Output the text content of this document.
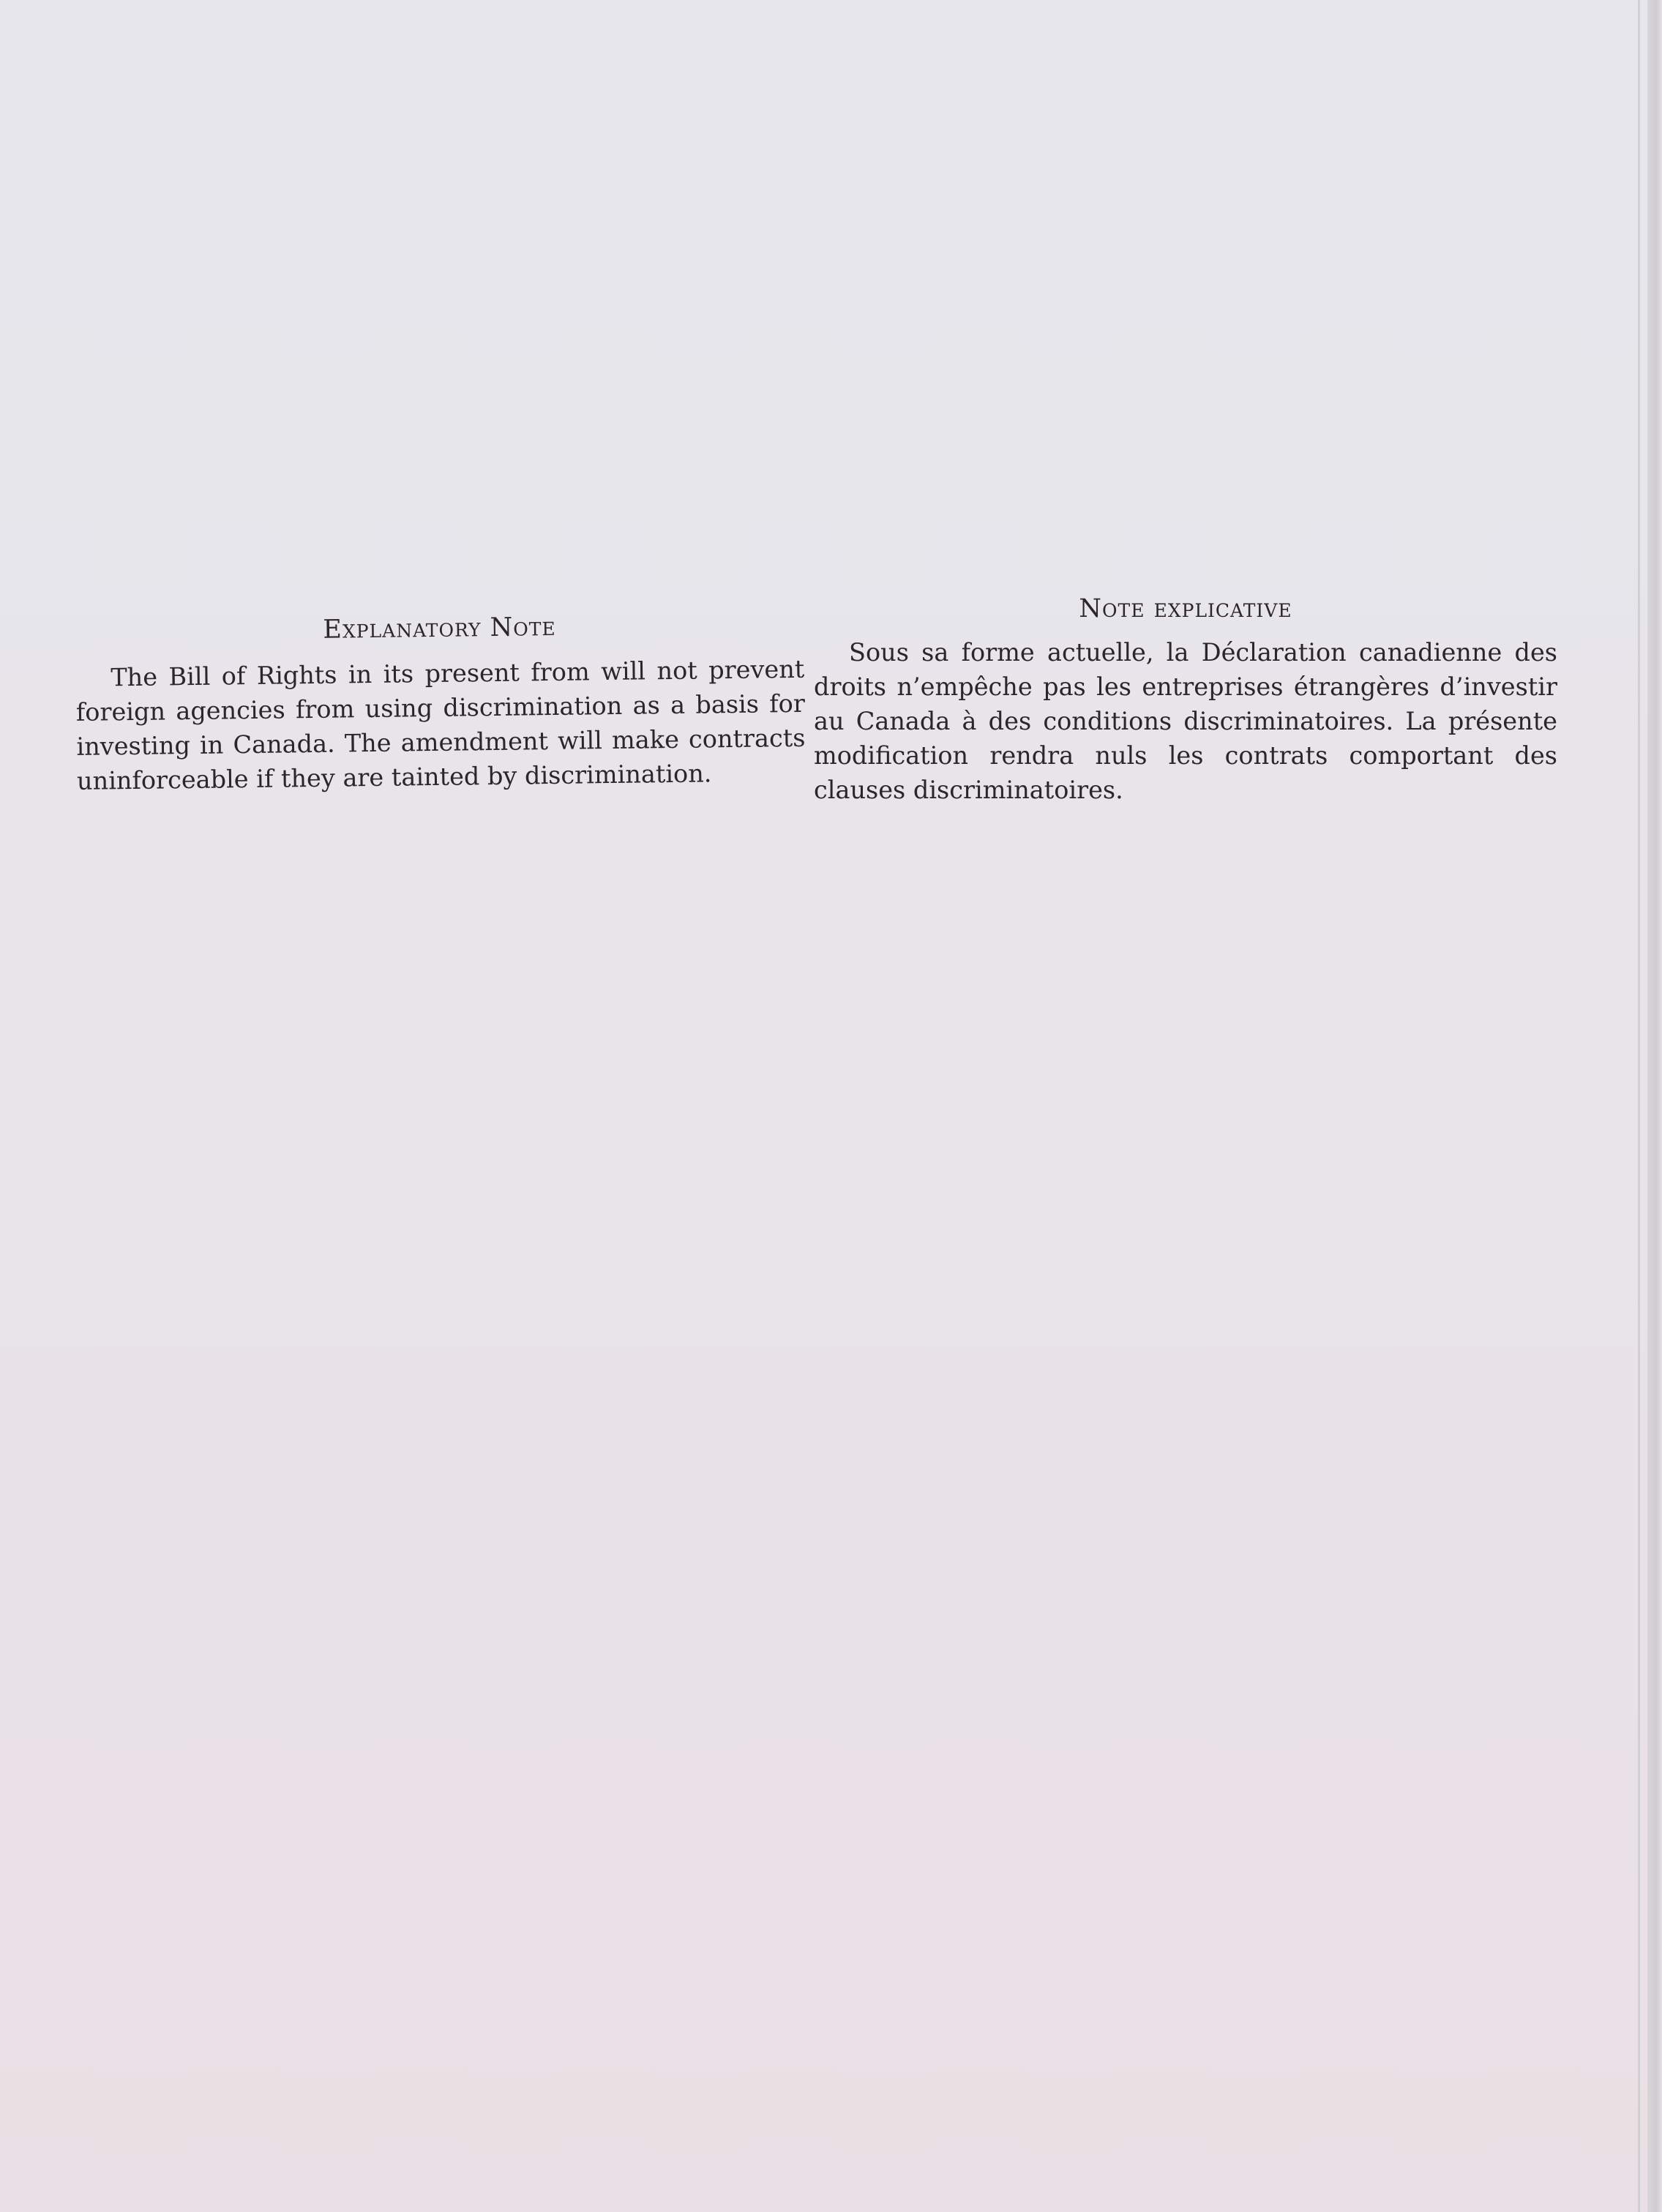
Explanatory Note
The Bill of Rights in its present from will not prevent foreign agencies from using discrimination as a basis for investing in Canada. The amendment will make contracts uninforceable if they are tainted by discrimination.
Note explicative
Sous sa forme actuelle, la Déclaration canadienne des droits n’empêche pas les entreprises étrangères d’investir au Canada à des conditions discriminatoires. La présente modification rendra nuls les contrats comportant des clauses discriminatoires.
